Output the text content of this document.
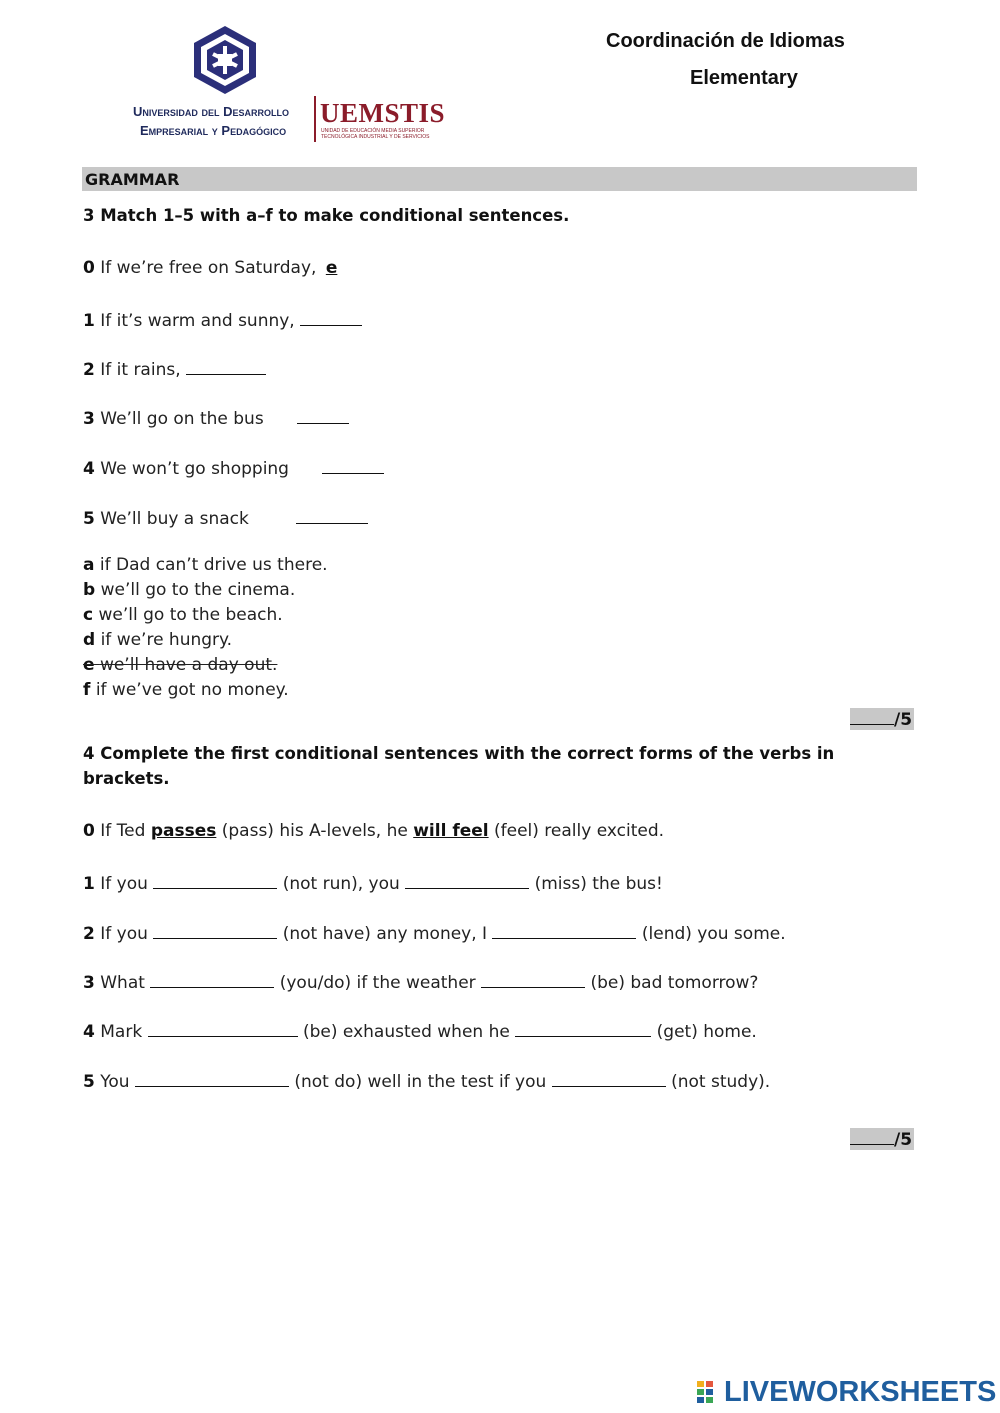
Universidad del Desarrollo
Empresarial y Pedagógico
UEMSTIS
UNIDAD DE EDUCACIÓN MEDIA SUPERIOR TECNOLÓGICA INDUSTRIAL Y DE SERVICIOS
Coordinación de Idiomas
Elementary
GRAMMAR
3 Match 1–5 with a–f to make conditional sentences.
0 If we’re free on Saturday, e
1 If it’s warm and sunny,
2 If it rains,
3 We’ll go on the bus
4 We won’t go shopping
5 We’ll buy a snack
a if Dad can’t drive us there.
b we’ll go to the cinema.
c we’ll go to the beach.
d if we’re hungry.
e we’ll have a day out.
f if we’ve got no money.
/5
4 Complete the first conditional sentences with the correct forms of the verbs in
brackets.
0 If Ted passes (pass) his A-levels, he will feel (feel) really excited.
1 If you	(not run), you	(miss) the bus!
2 If you	(not have) any money, I	(lend) you some.
3 What	(you/do) if the weather	(be) bad tomorrow?
4 Mark	(be) exhausted when he	(get) home.
5 You	(not do) well in the test if you	(not study).
/5
LIVEWORKSHEETS
